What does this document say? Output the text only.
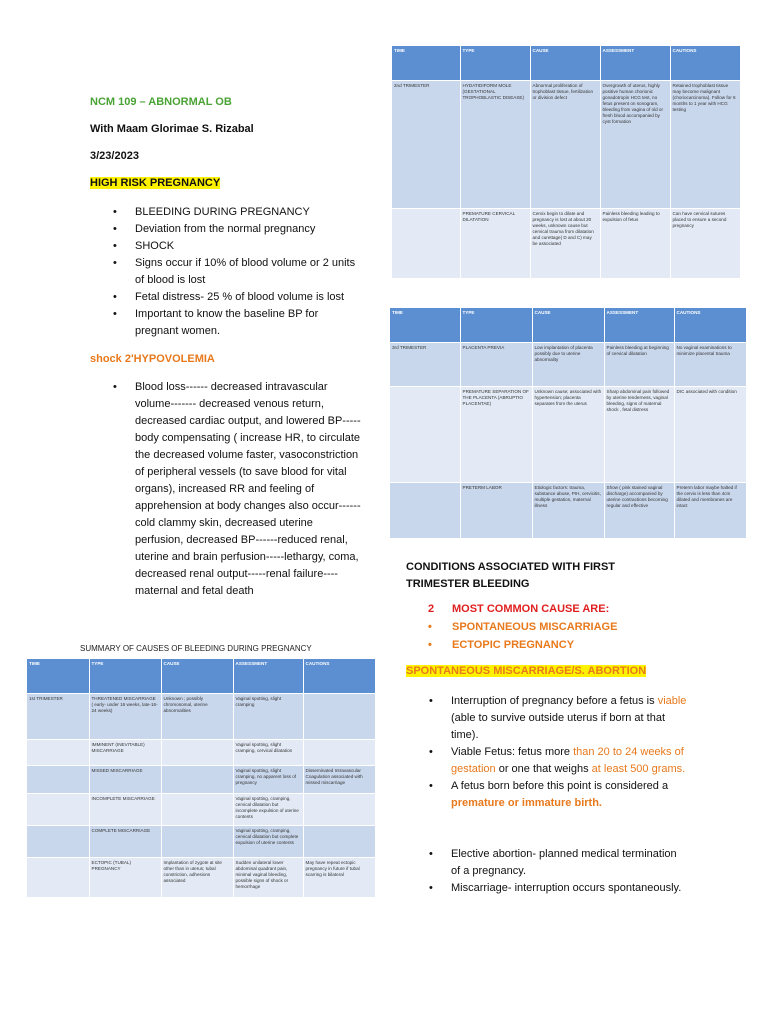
NCM 109 – ABNORMAL OB
With Maam Glorimae S. Rizabal
3/23/2023
HIGH RISK PREGNANCY
• BLEEDING DURING PREGNANCY
• Deviation from the normal pregnancy
• SHOCK
• Signs occur if 10% of blood volume or 2 units of blood is lost
• Fetal distress- 25 % of blood volume is lost
• Important to know the baseline BP for pregnant women.
shock 2'HYPOVOLEMIA
• Blood loss------ decreased intravascular volume------- decreased venous return, decreased cardiac output, and lowered BP----- body compensating ( increase HR, to circulate the decreased volume faster, vasoconstriction of peripheral vessels (to save blood for vital organs), increased RR and feeling of apprehension at body changes also occur------cold clammy skin, decreased uterine perfusion, decreased BP------reduced renal, uterine and brain perfusion-----lethargy, coma, decreased renal output-----renal failure----maternal and fetal death
SUMMARY OF CAUSES OF BLEEDING DURING PREGNANCY
TIME	TYPE	CAUSE	ASSESSMENT	CAUTIONS
1st TRIMESTER	THREATENED MISCARRIAGE ( early- under 16 weeks, late-16-24 weeks)	Unknown ; possibly chromosomal, uterine abnormalities	Vaginal spotting, slight cramping	
	IMMINENT (INEVITABLE) MISCARRIAGE		Vaginal spotting, slight cramping, cervical dilatation	
	MISSED MISCARRIAGE		Vaginal spotting, slight cramping, no apparent loss of pregnancy	Disseminated Intravascular Coagulation associated with missed miscarriage
	INCOMPLETE MISCARRIAGE		Vaginal spotting, cramping, cervical dilatation but incomplete expulsion of uterine contents	
	COMPLETE MISCARRIAGE		Vaginal spotting, cramping, cervical dilatation but complete expulsion of uterine contents	
	ECTOPIC (TUBAL) PREGNANCY	Implantation of zygote at site other than in uterus; tubal constriction, adhesions associated	Sudden unilateral lower abdominal quadrant pain, minimal vaginal bleeding, possible signs of shock or hemorrhage	May have repeat ectopic pregnancy in future if tubal scarring is bilateral
TIME	TYPE	CAUSE	ASSESSMENT	CAUTIONS
2nd TRIMESTER	HYDATIDIFORM MOLE (GESTATIONAL TROPHOBLASTIC DISEASE)	Abnormal proliferation of trophoblast tissue, fertilization or division defect	Overgrowth of uterus, highly positive human chorionic gonadotropin HCG test, no fetus present on sonogram, bleeding from vagina of old or fresh blood accompanied by cyst formation	Retained trophoblast tissue may become malignant (choriocarcinoma). Follow for 6 months to 1 year with HCG testing
	PREMATURE CERVICAL DILATATION	Cervix begin to dilate and pregnancy is lost at about 20 weeks, unknown cause but cervical trauma from dilatation and curettage( D and C) may be associated	Painless bleeding leading to expulsion of fetus	Can have cervical sutures placed to ensure a second pregnancy
TIME	TYPE	CAUSE	ASSESSMENT	CAUTIONS
3rd TRIMESTER	PLACENTA PREVIA	Low implantation of placenta possibly due to uterine abnormality	Painless bleeding at beginning of cervical dilatation	No vaginal examinations to minimize placental trauma
	PREMATURE SEPARATION OF THE PLACENTA (ABRUPTIO PLACENTAE)	Unknown cause; associated with hypertension; placenta separates from the uterus	Sharp abdominal pain followed by uterine tenderness, vaginal bleeding, signs of maternal shock , fetal distress	DIC associated with condition
	PRETERM LABOR	Etiologic factors: trauma, substance abuse, PIH, cervicitis, multiple gestation, maternal illness	Show ( pink stained vaginal discharge) accompanied by uterine contractions becoming regular and effective	Preterm labor maybe halted if the cervix is less than 4cm dilated and membranes are intact
CONDITIONS ASSOCIATED WITH FIRST TRIMESTER BLEEDING
2 MOST COMMON CAUSE ARE:
• SPONTANEOUS MISCARRIAGE
• ECTOPIC PREGNANCY
SPONTANEOUS MISCARRIAGE/S. ABORTION
• Interruption of pregnancy before a fetus is viable (able to survive outside uterus if born at that time).
• Viable Fetus: fetus more than 20 to 24 weeks of gestation or one that weighs at least 500 grams.
• A fetus born before this point is considered a premature or immature birth.
• Elective abortion- planned medical termination of a pregnancy.
• Miscarriage- interruption occurs spontaneously.
